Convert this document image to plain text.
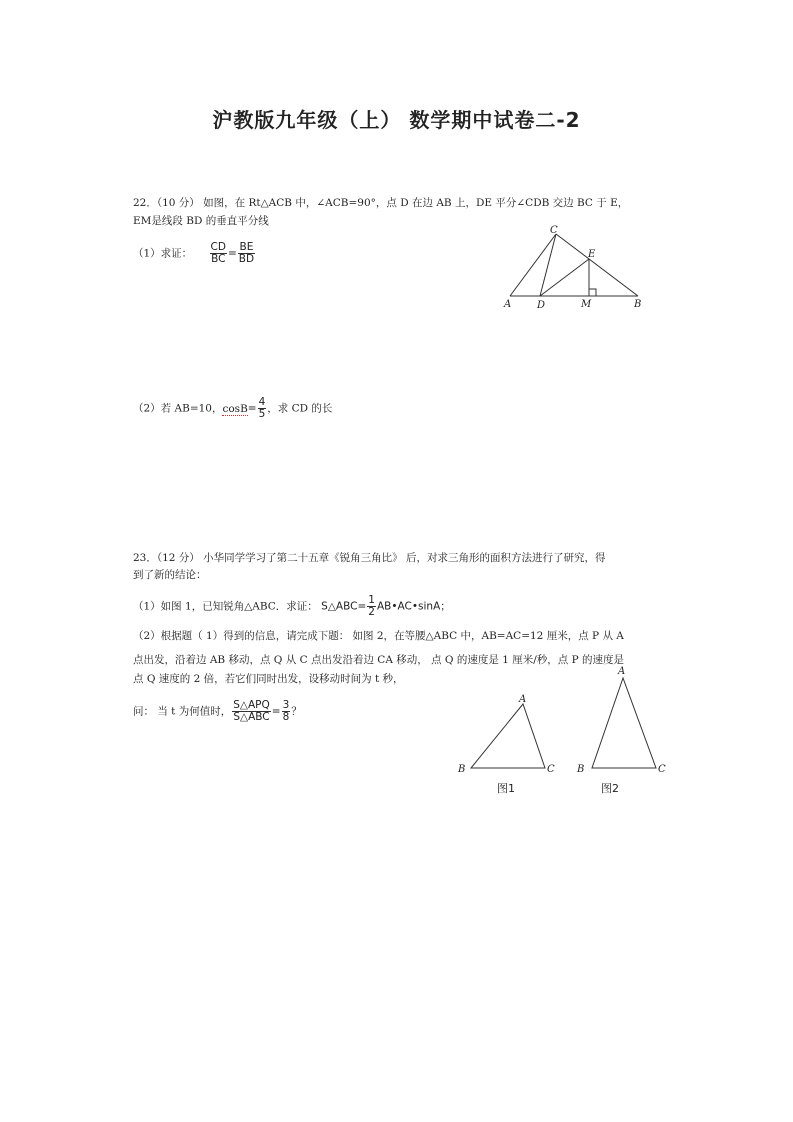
沪教版九年级（上） 数学期中试卷二-2
22．（10 分） 如图，在 Rt△ACB 中，∠ACB=90°，点 D 在边 AB 上，DE 平分∠CDB 交边 BC 于 E，
EM是线段 BD 的垂直平分线
（1）求证： $\frac{CD}{BC} = \frac{BE}{BD}$
C
E
A	D	M	B
（2）若 AB=10，$\cos B= \frac{4}{5}$ ，求 CD 的长
23．（12 分） 小华同学学习了第二十五章《锐角三角比》 后，对求三角形的面积方法进行了研究，得
到了新的结论：
（1）如图 1，已知锐角△ABC．求证： S△ABC= $\frac{1}{2}$ AB•AC•sinA；
（2）根据题（ 1）得到的信息，请完成下题： 如图 2，在等腰△ABC 中，AB=AC=12 厘米，点 P 从 A
点出发，沿着边 AB 移动，点 Q 从 C 点出发沿着边 CA 移动， 点 Q 的速度是 1 厘米/秒，点 P 的速度是
点 Q 速度的 2 倍，若它们同时出发，设移动时间为 t 秒，
问： 当 t 为何值时， $\frac{\text{S△APQ}}{\text{S△ABC}} = \frac{3}{8}$ ？
A
B	C
图1
A
B	C
图2
